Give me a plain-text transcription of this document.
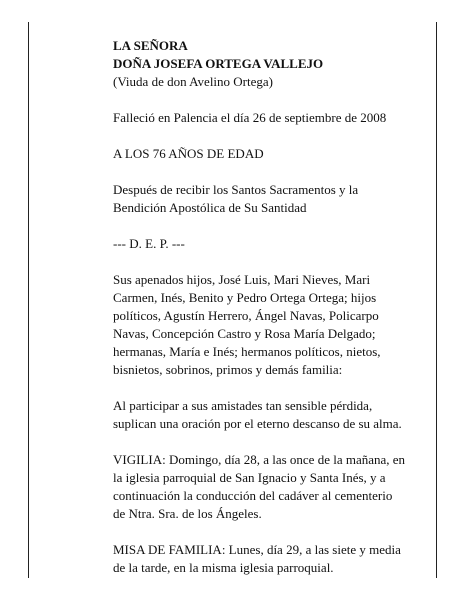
LA SEÑORA

DOÑA JOSEFA ORTEGA VALLEJO

(Viuda de don Avelino Ortega)

Falleció en Palencia el día 26 de septiembre de 2008

A LOS 76 AÑOS DE EDAD

Después de recibir los Santos Sacramentos y la

Bendición Apostólica de Su Santidad

--- D. E. P. ---

Sus apenados hijos, José Luis, Mari Nieves, Mari

Carmen, Inés, Benito y Pedro Ortega Ortega; hijos

políticos, Agustín Herrero, Ángel Navas, Policarpo

Navas, Concepción Castro y Rosa María Delgado;

hermanas, María e Inés; hermanos políticos, nietos,

bisnietos, sobrinos, primos y demás familia:

Al participar a sus amistades tan sensible pérdida,

suplican una oración por el eterno descanso de su alma.

VIGILIA: Domingo, día 28, a las once de la mañana, en

la iglesia parroquial de San Ignacio y Santa Inés, y a

continuación la conducción del cadáver al cementerio

de Ntra. Sra. de los Ángeles.

MISA DE FAMILIA: Lunes, día 29, a las siete y media

de la tarde, en la misma iglesia parroquial.
